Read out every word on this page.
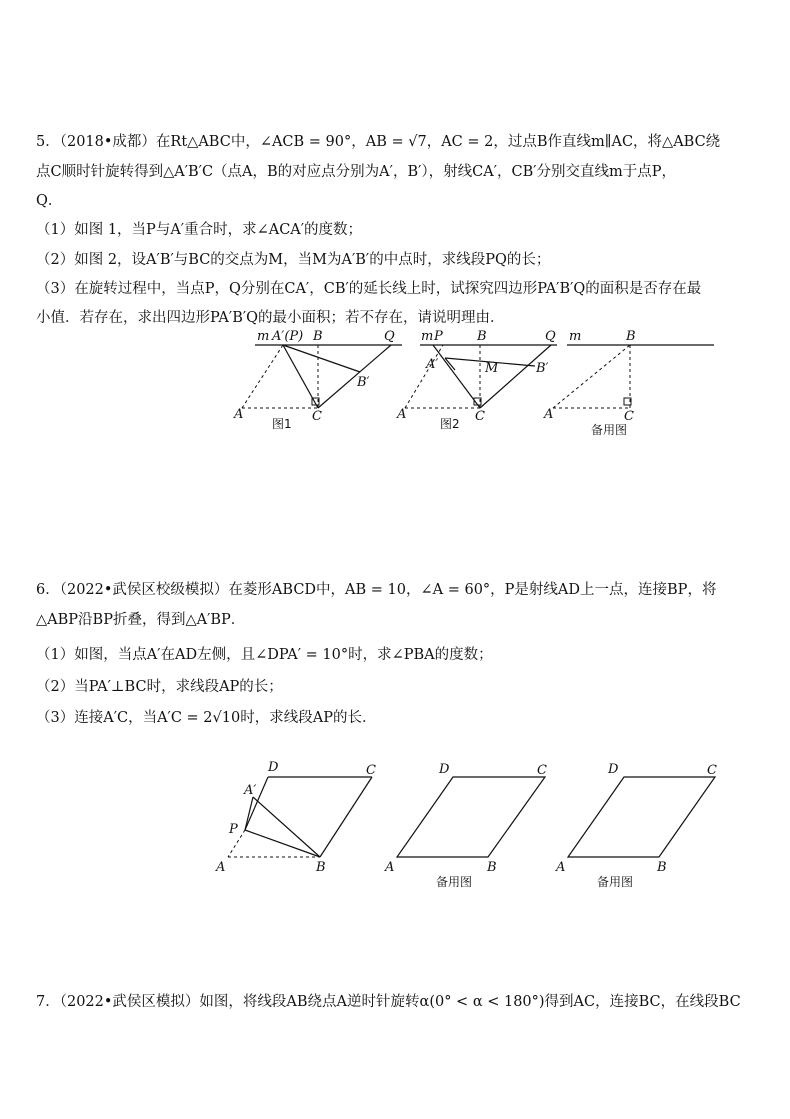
5．（2018•成都）在Rt△ABC中，∠ACB = 90°，AB = √7，AC = 2，过点B作直线m∥AC，将△ABC绕
点C顺时针旋转得到△A′B′C（点A，B的对应点分别为A′，B′），射线CA′，CB′分别交直线m于点P，
Q．
（1）如图 1，当P与A′重合时，求∠ACA′的度数；
（2）如图 2，设A′B′与BC的交点为M，当M为A′B′的中点时，求线段PQ的长；
（3）在旋转过程中，当点P，Q分别在CA′，CB′的延长线上时，试探究四边形PA′B′Q的面积是否存在最
小值．若存在，求出四边形PA′B′Q的最小面积；若不存在，请说明理由．
m A′(P) B	Q
B′
A	C
图1
m P	B	Q
A′	M	B′
A	C
图2
m	B
A	C
备用图
6．（2022•武侯区校级模拟）在菱形ABCD中，AB = 10，∠A = 60°，P是射线AD上一点，连接BP，将
△ABP沿BP折叠，得到△A′BP．
（1）如图，当点A′在AD左侧，且∠DPA′ = 10°时，求∠PBA的度数；
（2）当PA′⊥BC时，求线段AP的长；
（3）连接A′C，当A′C = 2√10时，求线段AP的长．
D	C
A′
P
A	B
D	C
A	B
备用图
D	C
A	B
备用图
7．（2022•武侯区模拟）如图，将线段AB绕点A逆时针旋转α(0° < α < 180°)得到AC，连接BC，在线段BC
